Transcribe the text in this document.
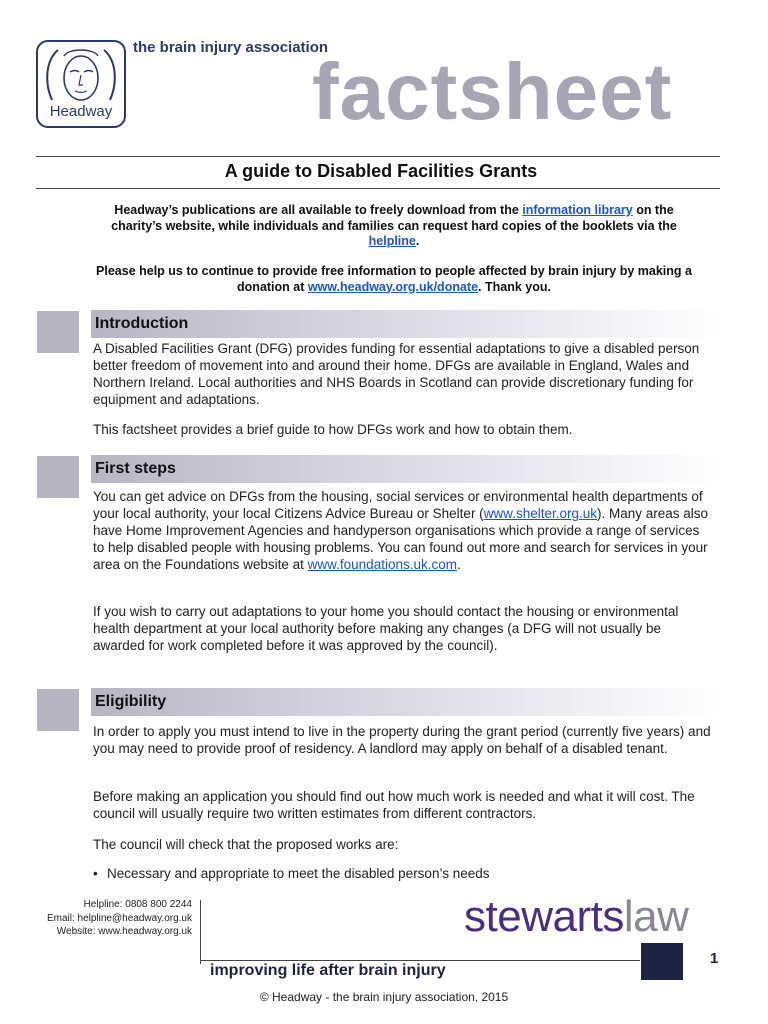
Headway
the brain injury association
factsheet
A guide to Disabled Facilities Grants
Headway’s publications are all available to freely download from the information library on the charity’s website, while individuals and families can request hard copies of the booklets via the helpline.
Please help us to continue to provide free information to people affected by brain injury by making a donation at www.headway.org.uk/donate. Thank you.
Introduction
A Disabled Facilities Grant (DFG) provides funding for essential adaptations to give a disabled person better freedom of movement into and around their home. DFGs are available in England, Wales and Northern Ireland. Local authorities and NHS Boards in Scotland can provide discretionary funding for equipment and adaptations.
This factsheet provides a brief guide to how DFGs work and how to obtain them.
First steps
You can get advice on DFGs from the housing, social services or environmental health departments of your local authority, your local Citizens Advice Bureau or Shelter (www.shelter.org.uk). Many areas also have Home Improvement Agencies and handyperson organisations which provide a range of services to help disabled people with housing problems. You can found out more and search for services in your area on the Foundations website at www.foundations.uk.com.
If you wish to carry out adaptations to your home you should contact the housing or environmental health department at your local authority before making any changes (a DFG will not usually be awarded for work completed before it was approved by the council).
Eligibility
In order to apply you must intend to live in the property during the grant period (currently five years) and you may need to provide proof of residency. A landlord may apply on behalf of a disabled tenant.
Before making an application you should find out how much work is needed and what it will cost. The council will usually require two written estimates from different contractors.
The council will check that the proposed works are:
• Necessary and appropriate to meet the disabled person’s needs
Helpline: 0808 800 2244
Email: helpline@headway.org.uk
Website: www.headway.org.uk	stewartslaw
1
improving life after brain injury
© Headway - the brain injury association, 2015
